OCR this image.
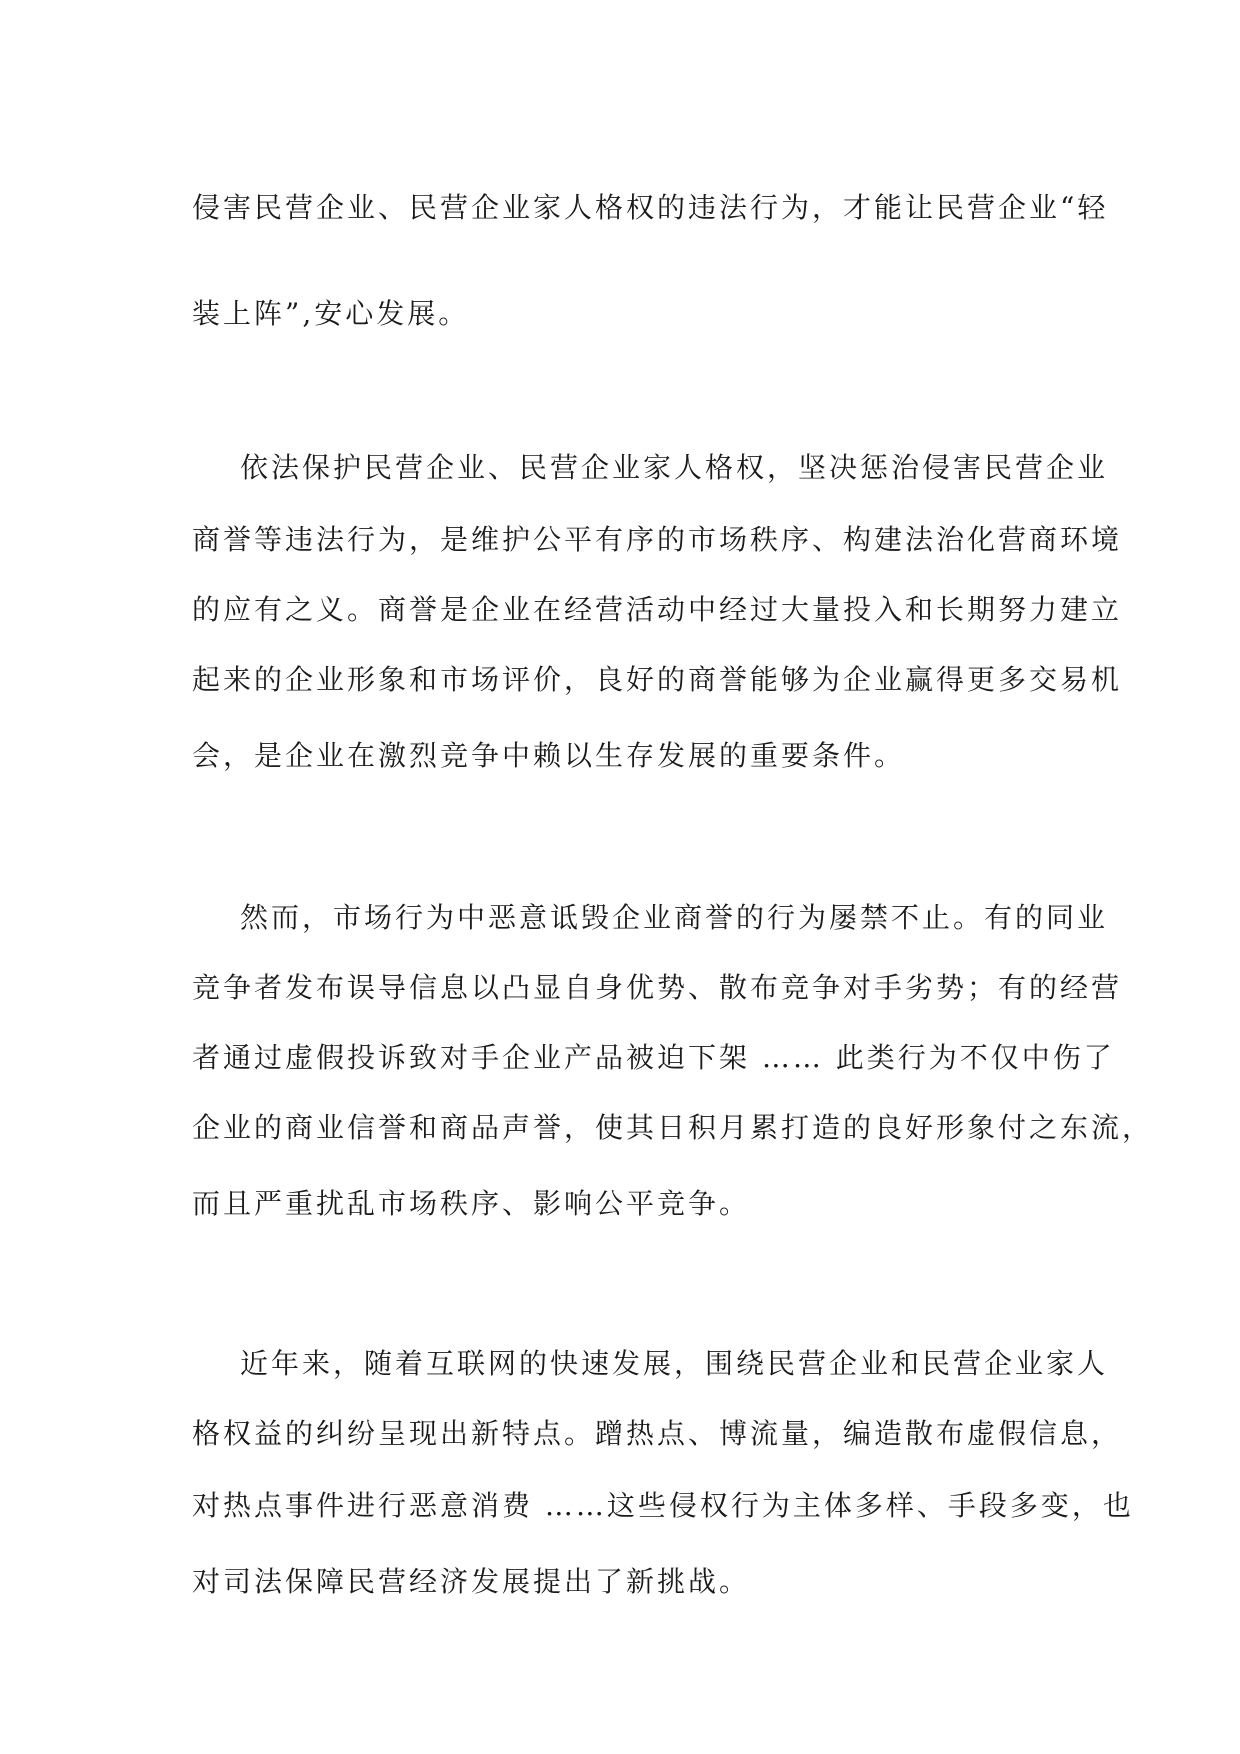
侵害民营企业、民营企业家人格权的违法行为，才能让民营企业“轻
装上阵”,安心发展。
依法保护民营企业、民营企业家人格权，坚决惩治侵害民营企业
商誉等违法行为，是维护公平有序的市场秩序、构建法治化营商环境
的应有之义。商誉是企业在经营活动中经过大量投入和长期努力建立
起来的企业形象和市场评价，良好的商誉能够为企业赢得更多交易机
会，是企业在激烈竞争中赖以生存发展的重要条件。
然而，市场行为中恶意诋毁企业商誉的行为屡禁不止。有的同业
竞争者发布误导信息以凸显自身优势、散布竞争对手劣势；有的经营
者通过虚假投诉致对手企业产品被迫下架 …… 此类行为不仅中伤了
企业的商业信誉和商品声誉，使其日积月累打造的良好形象付之东流，
而且严重扰乱市场秩序、影响公平竞争。
近年来，随着互联网的快速发展，围绕民营企业和民营企业家人
格权益的纠纷呈现出新特点。蹭热点、博流量，编造散布虚假信息，
对热点事件进行恶意消费 ……这些侵权行为主体多样、手段多变，也
对司法保障民营经济发展提出了新挑战。
